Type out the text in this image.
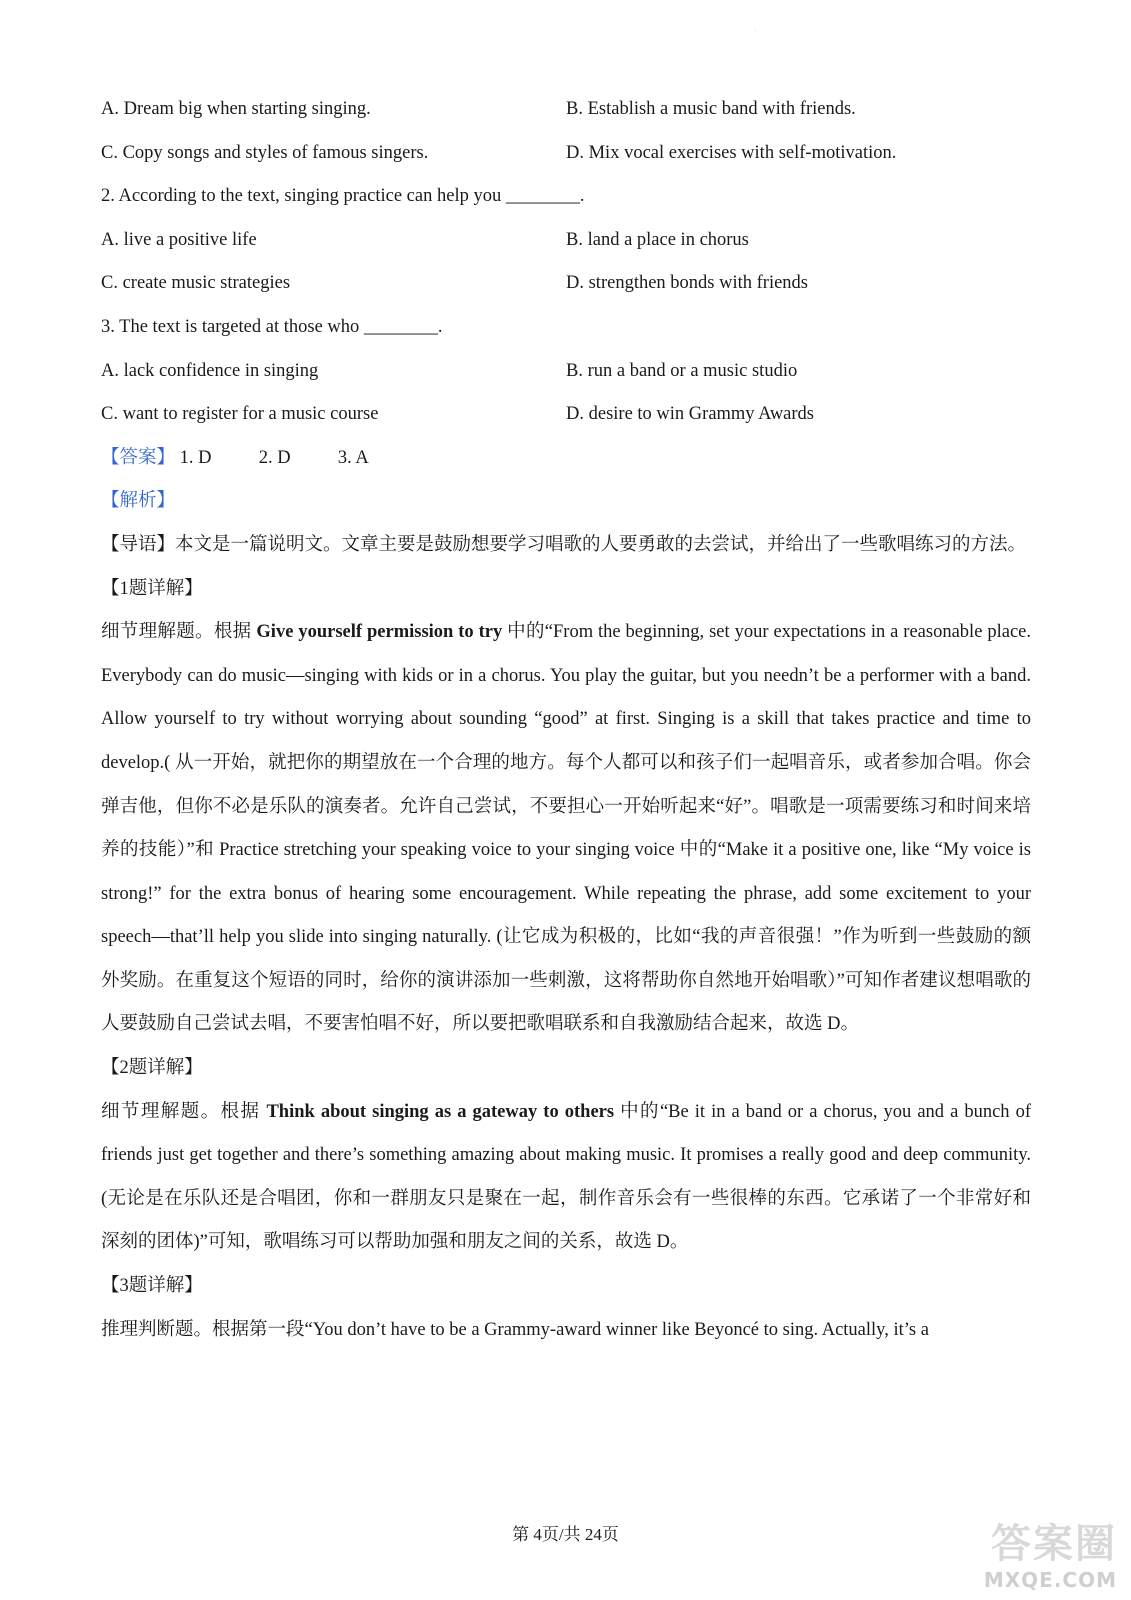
·
A. Dream big when starting singing.	B. Establish a music band with friends.
C. Copy songs and styles of famous singers.	D. Mix vocal exercises with self-motivation.
2. According to the text, singing practice can help you ________.
A. live a positive life	B. land a place in chorus
C. create music strategies	D. strengthen bonds with friends
3. The text is targeted at those who ________.
A. lack confidence in singing	B. run a band or a music studio
C. want to register for a music course	D. desire to win Grammy Awards
【答案】 1. D	2. D	3. A
【解析】
【导语】本文是一篇说明文。文章主要是鼓励想要学习唱歌的人要勇敢的去尝试，并给出了一些歌唱练习的方法。
【1题详解】
细节理解题。根据 Give yourself permission to try 中的“From the beginning, set your expectations in a reasonable place. Everybody can do music—singing with kids or in a chorus. You play the guitar, but you needn’t be a performer with a band. Allow yourself to try without worrying about sounding “good” at first. Singing is a skill that takes practice and time to develop.( 从一开始，就把你的期望放在一个合理的地方。每个人都可以和孩子们一起唱音乐，或者参加合唱。你会弹吉他，但你不必是乐队的演奏者。允许自己尝试，不要担心一开始听起来“好”。唱歌是一项需要练习和时间来培养的技能）”和 Practice stretching your speaking voice to your singing voice 中的“Make it a positive one, like “My voice is strong!” for the extra bonus of hearing some encouragement. While repeating the phrase, add some excitement to your speech—that’ll help you slide into singing naturally. (让它成为积极的，比如“我的声音很强！”作为听到一些鼓励的额外奖励。在重复这个短语的同时，给你的演讲添加一些刺激，这将帮助你自然地开始唱歌）”可知作者建议想唱歌的人要鼓励自己尝试去唱，不要害怕唱不好，所以要把歌唱联系和自我激励结合起来，故选 D。
【2题详解】
细节理解题。根据 Think about singing as a gateway to others 中的“Be it in a band or a chorus, you and a bunch of friends just get together and there’s something amazing about making music. It promises a really good and deep community. (无论是在乐队还是合唱团，你和一群朋友只是聚在一起，制作音乐会有一些很棒的东西。它承诺了一个非常好和深刻的团体)”可知，歌唱练习可以帮助加强和朋友之间的关系，故选 D。
【3题详解】
推理判断题。根据第一段“You don’t have to be a Grammy-award winner like Beyoncé to sing. Actually, it’s a
第 4页/共 24页	答案圈
MXQE.COM
